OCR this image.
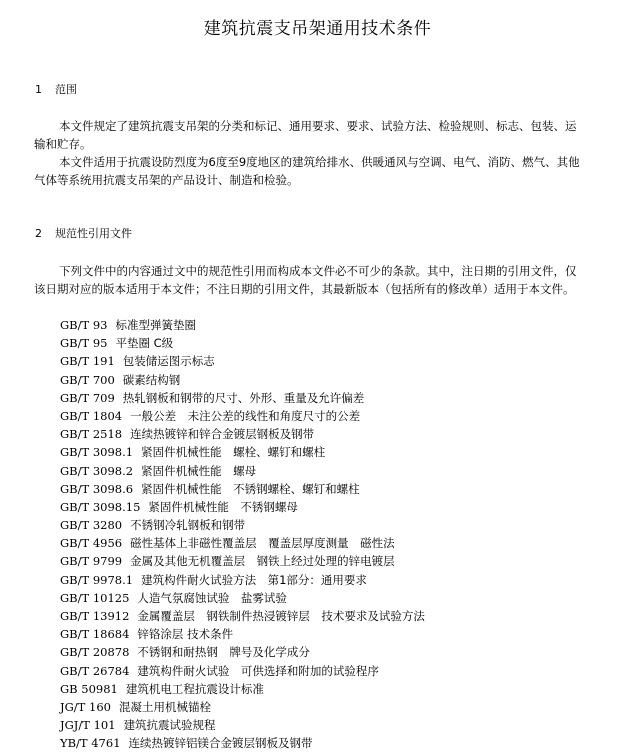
建筑抗震支吊架通用技术条件
1 范围
本文件规定了建筑抗震支吊架的分类和标记、通用要求、要求、试验方法、检验规则、标志、包装、运输和贮存。
本文件适用于抗震设防烈度为6度至9度地区的建筑给排水、供暖通风与空调、电气、消防、燃气、其他气体等系统用抗震支吊架的产品设计、制造和检验。
2 规范性引用文件
下列文件中的内容通过文中的规范性引用而构成本文件必不可少的条款。其中，注日期的引用文件，仅该日期对应的版本适用于本文件；不注日期的引用文件，其最新版本（包括所有的修改单）适用于本文件。
GB/T 93 标准型弹簧垫圈
GB/T 95 平垫圈 C级
GB/T 191 包装储运图示标志
GB/T 700 碳素结构钢
GB/T 709 热轧钢板和钢带的尺寸、外形、重量及允许偏差
GB/T 1804 一般公差　未注公差的线性和角度尺寸的公差
GB/T 2518 连续热镀锌和锌合金镀层钢板及钢带
GB/T 3098.1 紧固件机械性能　螺栓、螺钉和螺柱
GB/T 3098.2 紧固件机械性能　螺母
GB/T 3098.6 紧固件机械性能　不锈钢螺栓、螺钉和螺柱
GB/T 3098.15 紧固件机械性能　不锈钢螺母
GB/T 3280 不锈钢冷轧钢板和钢带
GB/T 4956 磁性基体上非磁性覆盖层　覆盖层厚度测量　磁性法
GB/T 9799 金属及其他无机覆盖层　钢铁上经过处理的锌电镀层
GB/T 9978.1 建筑构件耐火试验方法　第1部分：通用要求
GB/T 10125 人造气氛腐蚀试验　盐雾试验
GB/T 13912 金属覆盖层　钢铁制件热浸镀锌层　技术要求及试验方法
GB/T 18684 锌铬涂层 技术条件
GB/T 20878 不锈钢和耐热钢　牌号及化学成分
GB/T 26784 建筑构件耐火试验　可供选择和附加的试验程序
GB 50981 建筑机电工程抗震设计标准
JG/T 160 混凝土用机械锚栓
JGJ/T 101 建筑抗震试验规程
YB/T 4761 连续热镀锌铝镁合金镀层钢板及钢带
